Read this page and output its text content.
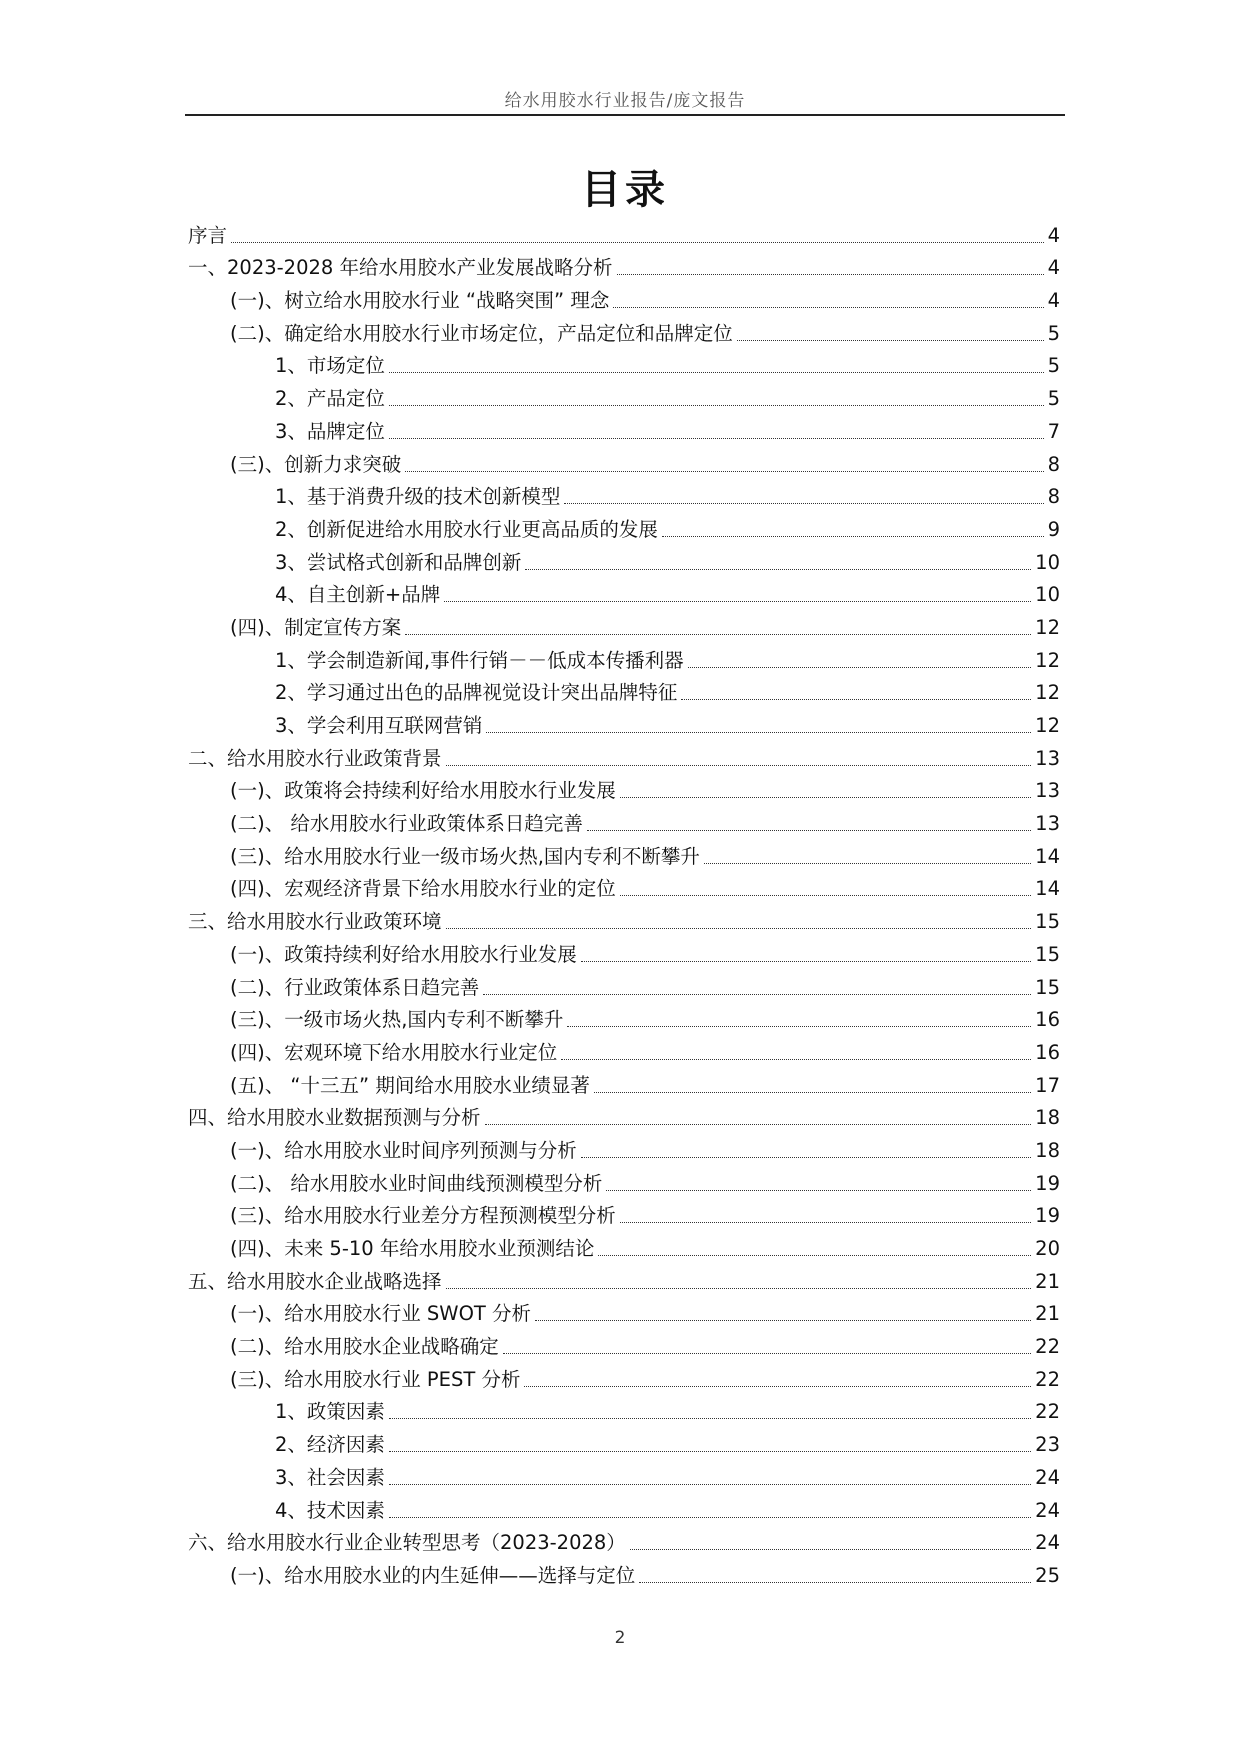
给水用胶水行业报告/庞文报告
目录
序言	4
一、2023-2028 年给水用胶水产业发展战略分析	4
(一)、树立给水用胶水行业 “战略突围” 理念	4
(二)、确定给水用胶水行业市场定位，产品定位和品牌定位	5
1、市场定位	5
2、产品定位	5
3、品牌定位	7
(三)、创新力求突破	8
1、基于消费升级的技术创新模型	8
2、创新促进给水用胶水行业更高品质的发展	9
3、尝试格式创新和品牌创新	10
4、自主创新+品牌	10
(四)、制定宣传方案	12
1、学会制造新闻,事件行销－－低成本传播利器	12
2、学习通过出色的品牌视觉设计突出品牌特征	12
3、学会利用互联网营销	12
二、给水用胶水行业政策背景	13
(一)、政策将会持续利好给水用胶水行业发展	13
(二)、 给水用胶水行业政策体系日趋完善	13
(三)、给水用胶水行业一级市场火热,国内专利不断攀升	14
(四)、宏观经济背景下给水用胶水行业的定位	14
三、给水用胶水行业政策环境	15
(一)、政策持续利好给水用胶水行业发展	15
(二)、行业政策体系日趋完善	15
(三)、一级市场火热,国内专利不断攀升	16
(四)、宏观环境下给水用胶水行业定位	16
(五)、 “十三五” 期间给水用胶水业绩显著	17
四、给水用胶水业数据预测与分析	18
(一)、给水用胶水业时间序列预测与分析	18
(二)、 给水用胶水业时间曲线预测模型分析	19
(三)、给水用胶水行业差分方程预测模型分析	19
(四)、未来 5-10 年给水用胶水业预测结论	20
五、给水用胶水企业战略选择	21
(一)、给水用胶水行业 SWOT 分析	21
(二)、给水用胶水企业战略确定	22
(三)、给水用胶水行业 PEST 分析	22
1、政策因素	22
2、经济因素	23
3、社会因素	24
4、技术因素	24
六、给水用胶水行业企业转型思考（2023-2028）	24
(一)、给水用胶水业的内生延伸——选择与定位	25
2
